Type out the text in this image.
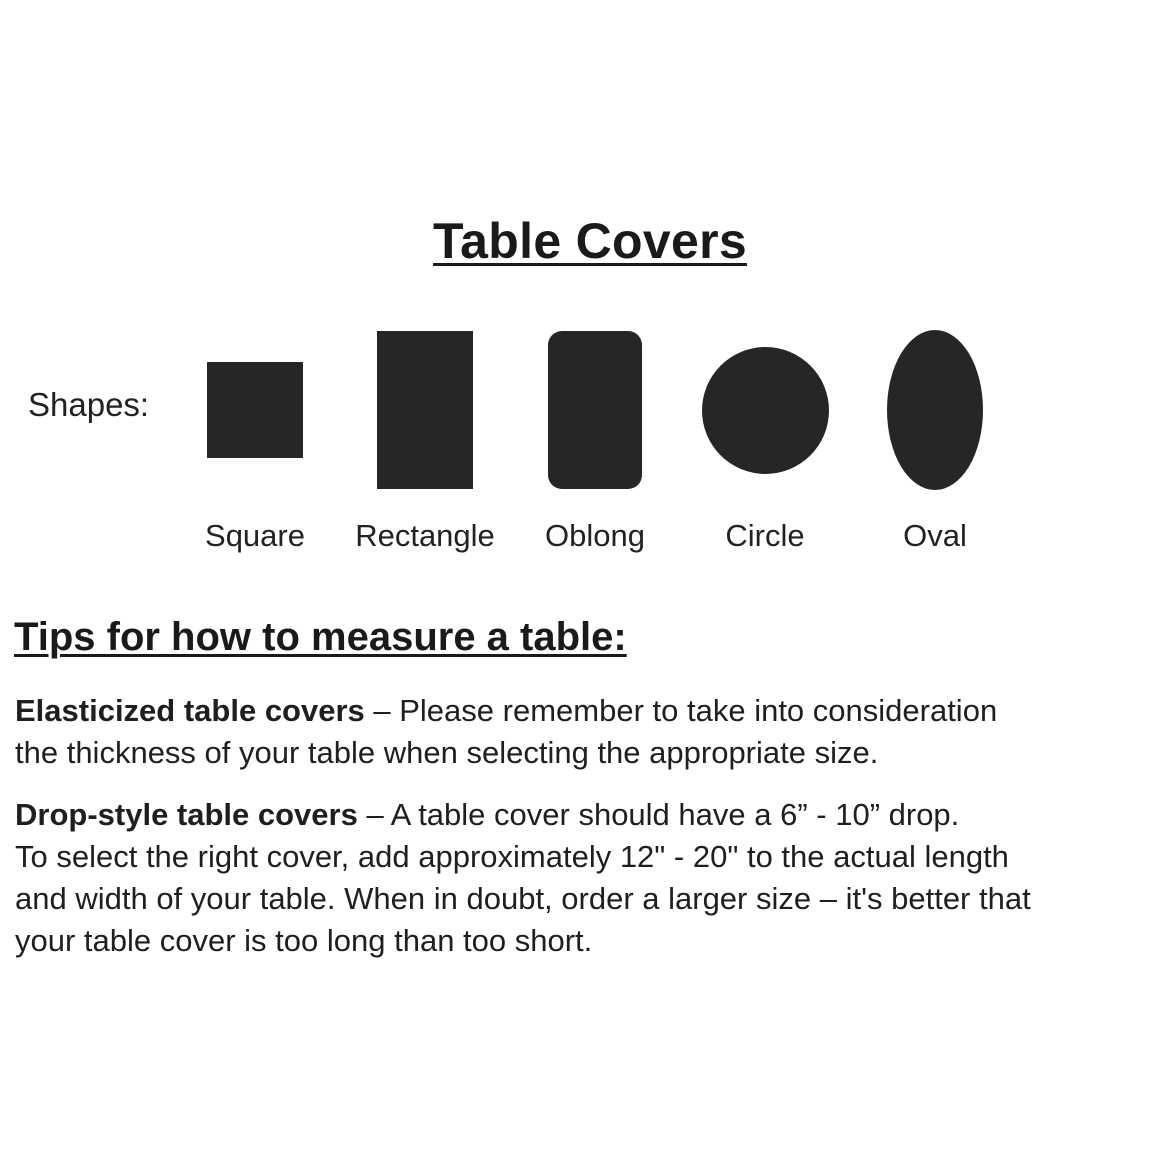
Table Covers
Shapes:
Square	Rectangle	Oblong	Circle	Oval
Tips for how to measure a table:

Elasticized table covers – Please remember to take into consideration
the thickness of your table when selecting the appropriate size.

Drop-style table covers – A table cover should have a 6” - 10” drop.
To select the right cover, add approximately 12" - 20" to the actual length
and width of your table. When in doubt, order a larger size – it's better that
your table cover is too long than too short.
